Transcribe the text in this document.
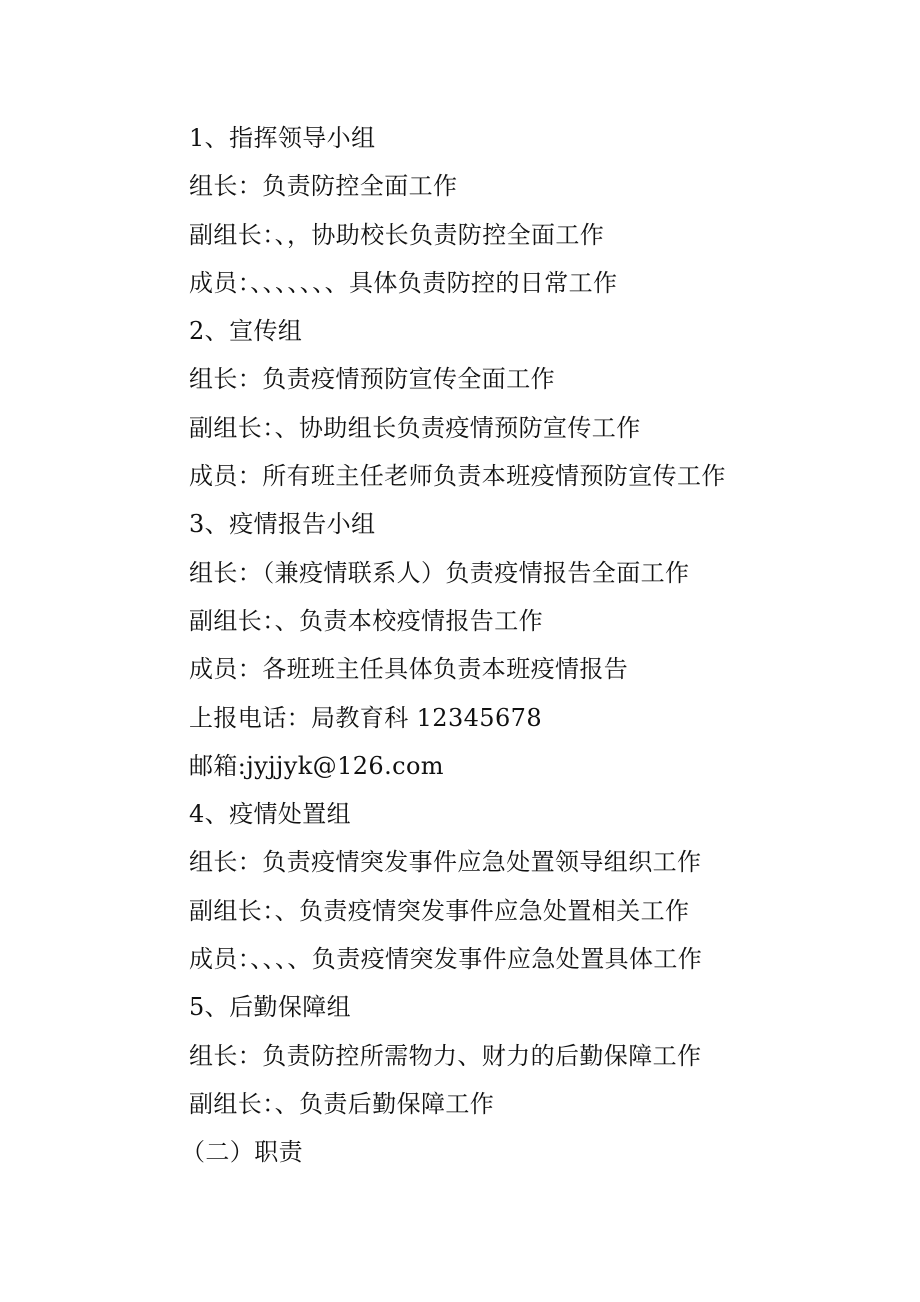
1、指挥领导小组
组长：负责防控全面工作
副组长：、，协助校长负责防控全面工作
成员：、、、、、、、具体负责防控的日常工作
2、宣传组
组长：负责疫情预防宣传全面工作
副组长：、协助组长负责疫情预防宣传工作
成员：所有班主任老师负责本班疫情预防宣传工作
3、疫情报告小组
组长：（兼疫情联系人）负责疫情报告全面工作
副组长：、负责本校疫情报告工作
成员：各班班主任具体负责本班疫情报告
上报电话：局教育科 12345678
邮箱:jyjjyk@126.com
4、疫情处置组
组长：负责疫情突发事件应急处置领导组织工作
副组长：、负责疫情突发事件应急处置相关工作
成员：、、、、负责疫情突发事件应急处置具体工作
5、后勤保障组
组长：负责防控所需物力、财力的后勤保障工作
副组长：、负责后勤保障工作
（二）职责
